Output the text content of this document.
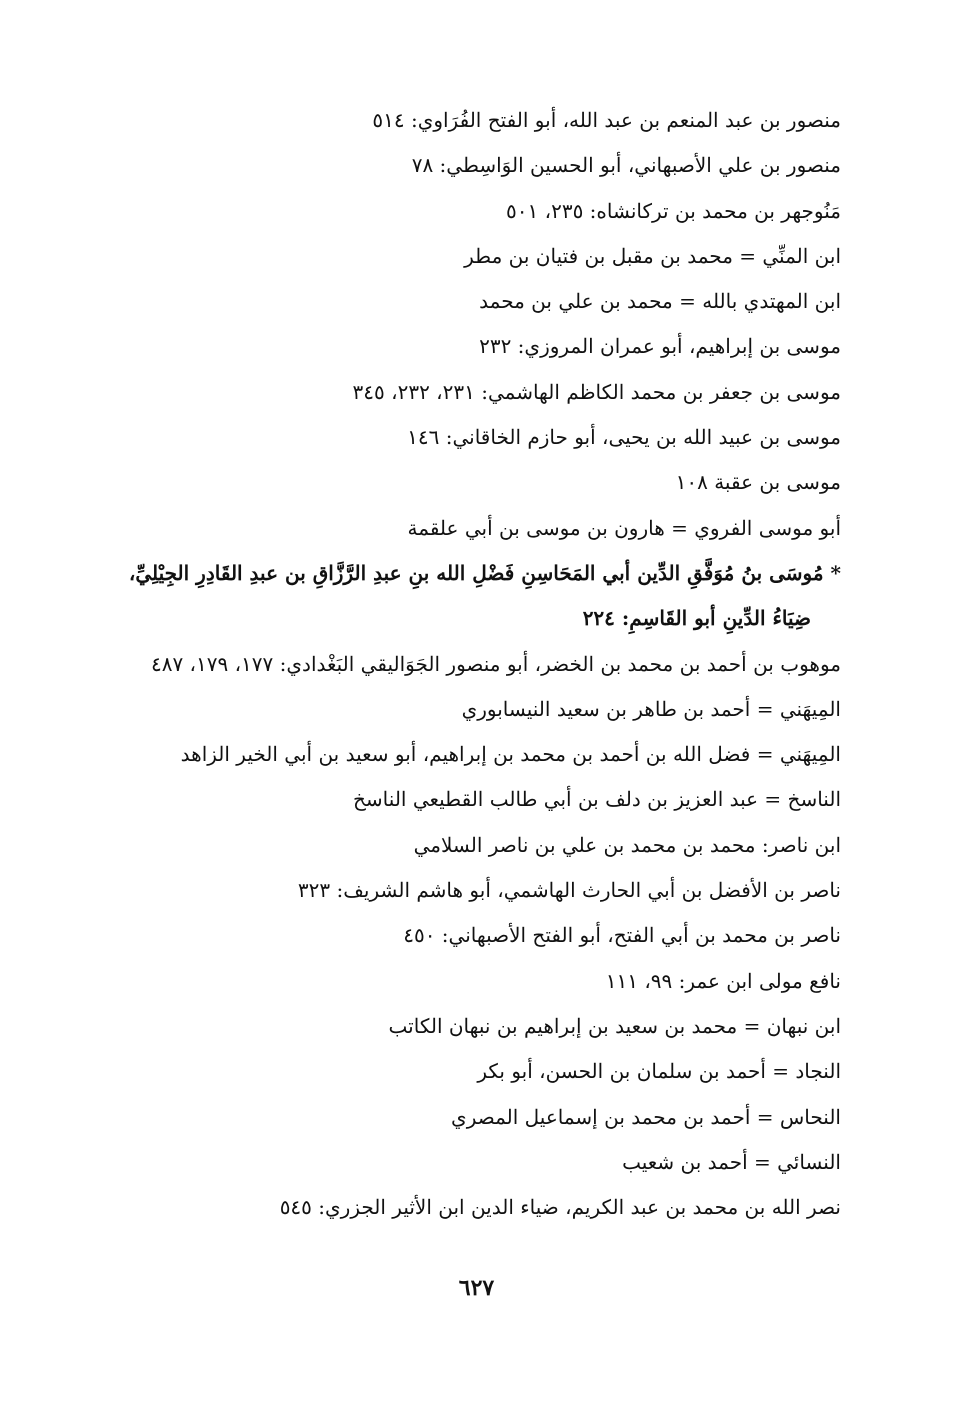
منصور بن عبد المنعم بن عبد الله، أبو الفتح الفُرَاوي: ٥١٤

منصور بن علي الأصبهاني، أبو الحسين الوَاسِطي: ٧٨

مَنُوجهر بن محمد بن تركانشاه: ٢٣٥، ٥٠١

ابن المنِّي = محمد بن مقبل بن فتيان بن مطر

ابن المهتدي بالله = محمد بن علي بن محمد

موسى بن إبراهيم، أبو عمران المروزي: ٢٣٢

موسى بن جعفر بن محمد الكاظم الهاشمي: ٢٣١، ٢٣٢، ٣٤٥

موسى بن عبيد الله بن يحيى، أبو حازم الخاقاني: ١٤٦

موسى بن عقبة ١٠٨

أبو موسى الفروي = هارون بن موسى بن أبي علقمة

* مُوسَى بنُ مُوَفَّقِ الدِّين أبي المَحَاسِنِ فَضْلِ الله بنِ عبدِ الرَّزَّاقِ بن عبدِ القَادِرِ الجِيْلِيِّ، ضِيَاءُ الدِّينِ أبو القَاسِمِ: ٢٢٤

موهوب بن أحمد بن محمد بن الخضر، أبو منصور الجَوَاليقي البَغْدادي: ١٧٧، ١٧٩، ٤٨٧

المِيهَني = أحمد بن طاهر بن سعيد النيسابوري

المِيهَني = فضل الله بن أحمد بن محمد بن إبراهيم، أبو سعيد بن أبي الخير الزاهد

الناسخ = عبد العزيز بن دلف بن أبي طالب القطيعي الناسخ

ابن ناصر: محمد بن محمد بن علي بن ناصر السلامي

ناصر بن الأفضل بن أبي الحارث الهاشمي، أبو هاشم الشريف: ٣٢٣

ناصر بن محمد بن أبي الفتح، أبو الفتح الأصبهاني: ٤٥٠

نافع مولى ابن عمر: ٩٩، ١١١

ابن نبهان = محمد بن سعيد بن إبراهيم بن نبهان الكاتب

النجاد = أحمد بن سلمان بن الحسن، أبو بكر

النحاس = أحمد بن محمد بن إسماعيل المصري

النسائي = أحمد بن شعيب

نصر الله بن محمد بن عبد الكريم، ضياء الدين ابن الأثير الجزري: ٥٤٥

٦٢٧
